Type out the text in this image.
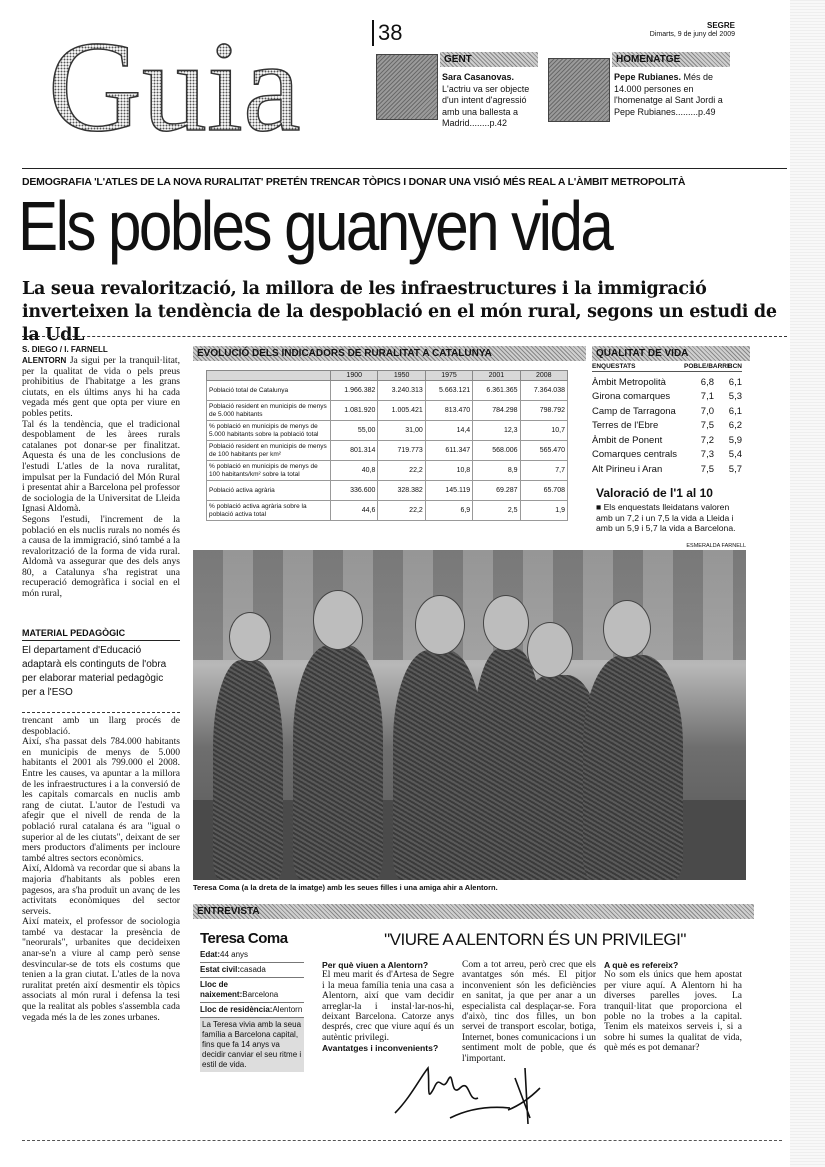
Guia	38	SEGRE
Dimarts, 9 de juny del 2009
GENT
Sara Casanovas. L'actriu va ser objecte d'un intent d'agressió amb una ballesta a Madrid........p.42
HOMENATGE
Pepe Rubianes. Més de 14.000 persones en l'homenatge al Sant Jordi a Pepe Rubianes.........p.49
DEMOGRAFIA 'L'ATLES DE LA NOVA RURALITAT' PRETÉN TRENCAR TÒPICS I DONAR UNA VISIÓ MÉS REAL A L'ÀMBIT METROPOLITÀ
Els pobles guanyen vida
La seua revalorització, la millora de les infraestructures i la immigració inverteixen la tendència de la despoblació en el món rural, segons un estudi de la UdL
S. DIEGO / I. FARNELL
ALENTORN Ja sigui per la tranquil·litat, per la qualitat de vida o pels preus prohibitius de l'habitatge a les grans ciutats, en els últims anys hi ha cada vegada més gent que opta per viure en pobles petits.
Tal és la tendència, que el tradicional despoblament de les àrees rurals catalanes pot donar-se per finalitzat. Aquesta és una de les conclusions de l'estudi L'atles de la nova ruralitat, impulsat per la Fundació del Món Rural i presentat ahir a Barcelona pel professor de sociologia de la Universitat de Lleida Ignasi Aldomà.
Segons l'estudi, l'increment de la població en els nuclis rurals no només és a causa de la immigració, sinó també a la revalorització de la forma de vida rural. Aldomà va assegurar que des dels anys 80, a Catalunya s'ha registrat una recuperació demogràfica i social en el món rural,
MATERIAL PEDAGÒGIC
El departament d'Educació adaptarà els continguts de l'obra per elaborar material pedagògic per a l'ESO
trencant amb un llarg procés de despoblació.
Així, s'ha passat dels 784.000 habitants en municipis de menys de 5.000 habitants el 2001 als 799.000 el 2008. Entre les causes, va apuntar a la millora de les infraestructures i a la conversió de les capitals comarcals en nuclis amb rang de ciutat. L'autor de l'estudi va afegir que el nivell de renda de la població rural catalana és ara "igual o superior al de les ciutats", deixant de ser mers productors d'aliments per incloure també altres sectors econòmics.
Així, Aldomà va recordar que si abans la majoria d'habitants als pobles eren pagesos, ara s'ha produït un avanç de les activitats econòmiques del sector serveis.
Així mateix, el professor de sociologia també va destacar la presència de "neorurals", urbanites que decideixen anar-se'n a viure al camp però sense desvincular-se de tots els costums que tenien a la gran ciutat. L'atles de la nova ruralitat pretén així desmentir els tòpics associats al món rural i defensa la tesi que la realitat als pobles s'assembla cada vegada més la de les zones urbanes.
EVOLUCIÓ DELS INDICADORS DE RURALITAT A CATALUNYA
	1900	1950	1975	2001	2008
Població total de Catalunya	1.966.382	3.240.313	5.663.121	6.361.365	7.364.038
Població resident en municipis de menys de 5.000 habitants	1.081.920	1.005.421	813.470	784.298	798.792
% població en municipis de menys de 5.000 habitants sobre la població total	55,00	31,00	14,4	12,3	10,7
Població resident en municipis de menys de 100 habitants per km²	801.314	719.773	611.347	568.006	565.470
% població en municipis de menys de 100 habitants/km² sobre la total	40,8	22,2	10,8	8,9	7,7
Població activa agrària	336.600	328.382	145.119	69.287	65.708
% població activa agrària sobre la població activa total	44,6	22,2	6,9	2,5	1,9
QUALITAT DE VIDA
ENQUESTATS	POBLE/BARRI BCN
Àmbit Metropolità	6,8	6,1
Girona comarques	7,1	5,3
Camp de Tarragona	7,0	6,1
Terres de l'Ebre	7,5	6,2
Àmbit de Ponent	7,2	5,9
Comarques centrals	7,3	5,4
Alt Pirineu i Aran	7,5	5,7
Valoració de l'1 al 10
■ Els enquestats lleidatans valoren amb un 7,2 i un 7,5 la vida a Lleida i amb un 5,9 i 5,7 la vida a Barcelona.
ESMERALDA FARNELL
Teresa Coma (a la dreta de la imatge) amb les seues filles i una amiga ahir a Alentorn.
ENTREVISTA
Teresa Coma
Edat:44 anys
Estat civil:casada
Lloc de naixement:Barcelona
Lloc de residència:Alentorn
La Teresa vivia amb la seua família a Barcelona capital, fins que fa 14 anys va decidir canviar el seu ritme i estil de vida.
"VIURE A ALENTORN ÉS UN PRIVILEGI"
Per què viuen a Alentorn?
El meu marit és d'Artesa de Segre i la meua família tenia una casa a Alentorn, així que vam decidir arreglar-la i instal·lar-nos-hi, deixant Barcelona. Catorze anys després, crec que viure aquí és un autèntic privilegi.
Avantatges i inconvenients?
Com a tot arreu, però crec que els avantatges són més. El pitjor inconvenient són les deficiències en sanitat, ja que per anar a un especialista cal desplaçar-se. Fora d'això, tinc dos filles, un bon servei de transport escolar, botiga, Internet, bones comunicacions i un sentiment molt de poble, que és l'important.
A què es refereix?
No som els únics que hem apostat per viure aquí. A Alentorn hi ha diverses parelles joves. La tranquil·litat que proporciona el poble no la trobes a la capital. Tenim els mateixos serveis i, si a sobre hi sumes la qualitat de vida, què més es pot demanar?
